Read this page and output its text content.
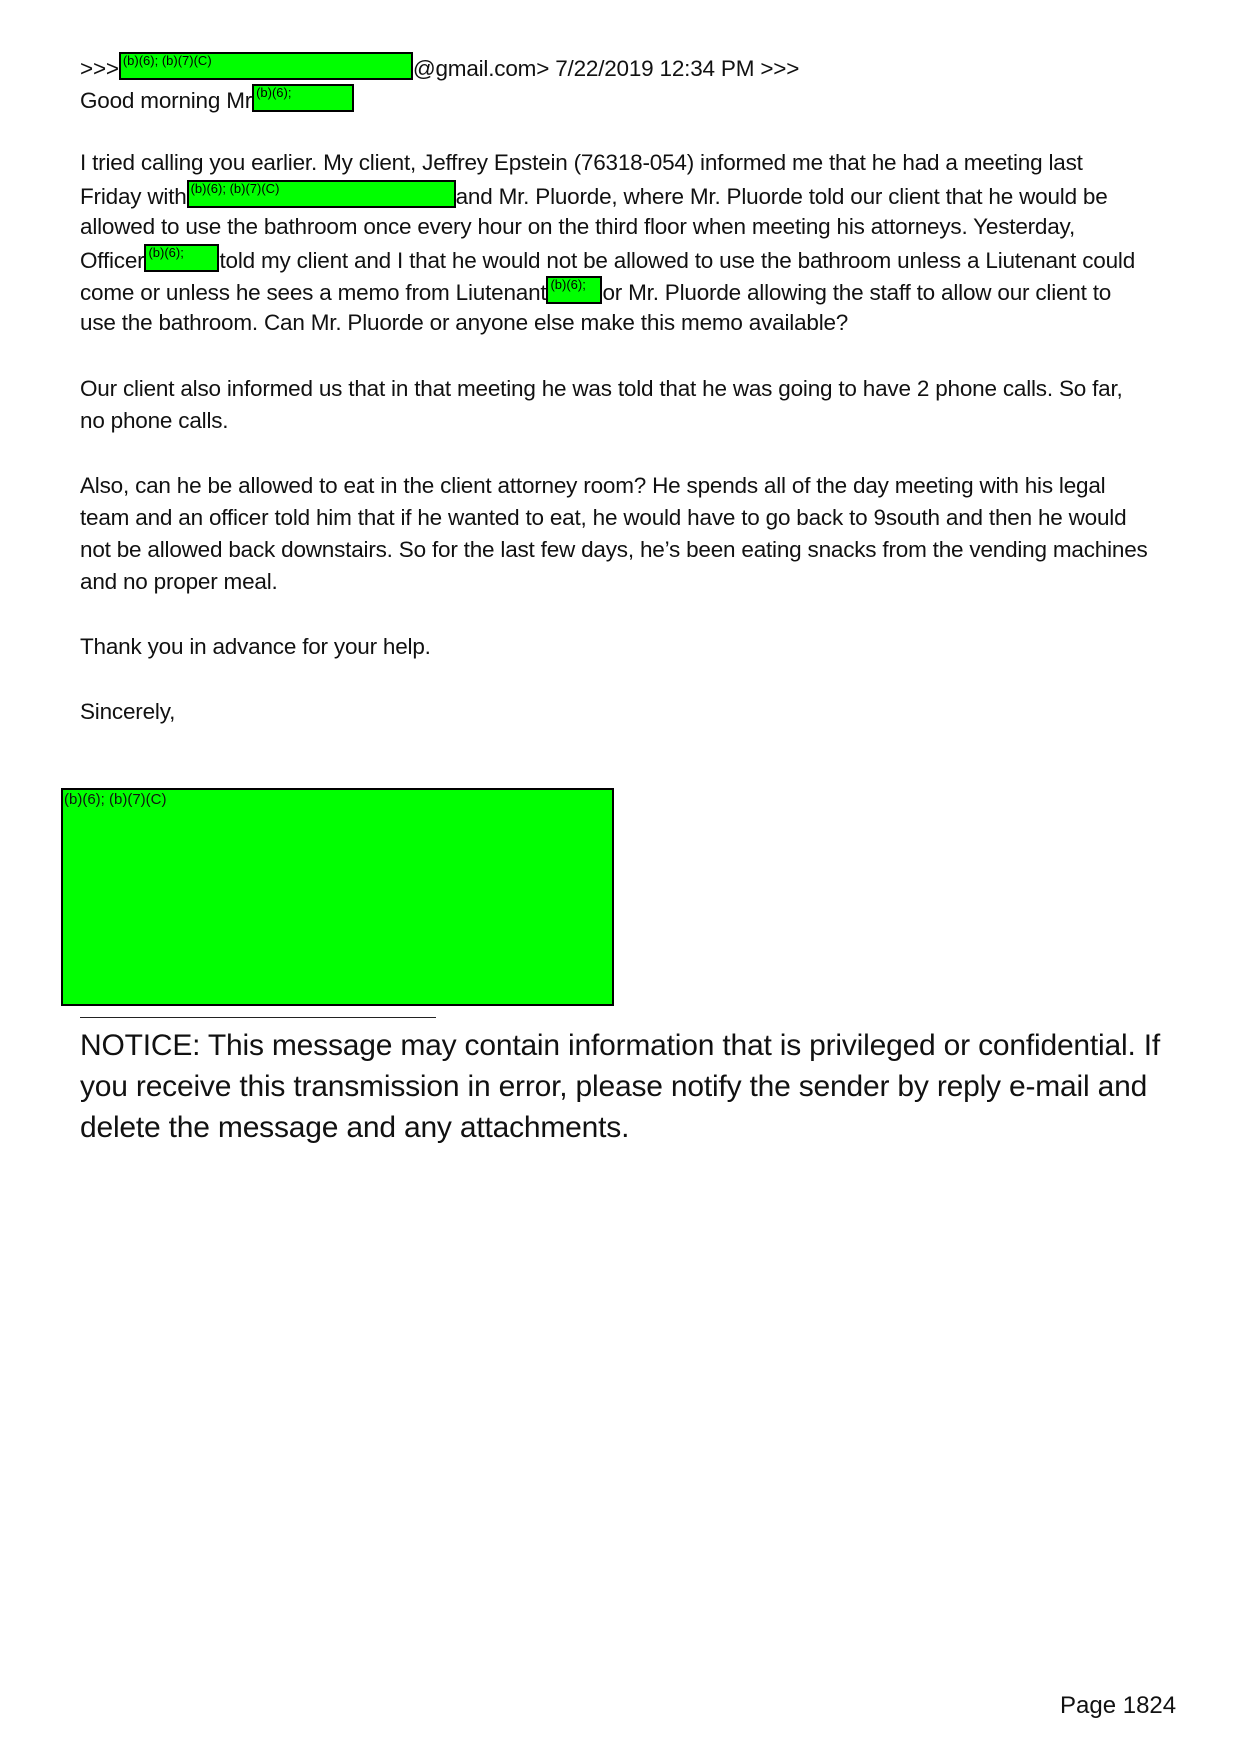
>>> (b)(6); (b)(7)(C)	@gmail.com> 7/22/2019 12:34 PM >>>
Good morning Mr (b)(6);
I tried calling you earlier. My client, Jeffrey Epstein (76318-054) informed me that he had a meeting last
Friday with (b)(6); (b)(7)(C)	and Mr. Pluorde, where Mr. Pluorde told our client that he would be
allowed to use the bathroom once every hour on the third floor when meeting his attorneys. Yesterday,
Officer (b)(6); told my client and I that he would not be allowed to use the bathroom unless a Liutenant could
come or unless he sees a memo from Liutenant (b)(6); or Mr. Pluorde allowing the staff to allow our client to
use the bathroom. Can Mr. Pluorde or anyone else make this memo available?
Our client also informed us that in that meeting he was told that he was going to have 2 phone calls. So far,
no phone calls.
Also, can he be allowed to eat in the client attorney room? He spends all of the day meeting with his legal
team and an officer told him that if he wanted to eat, he would have to go back to 9south and then he would
not be allowed back downstairs. So for the last few days, he’s been eating snacks from the vending machines
and no proper meal.
Thank you in advance for your help.
Sincerely,
(b)(6); (b)(7)(C)
NOTICE: This message may contain information that is privileged or confidential. If
you receive this transmission in error, please notify the sender by reply e-mail and
delete the message and any attachments.
Page 1824
